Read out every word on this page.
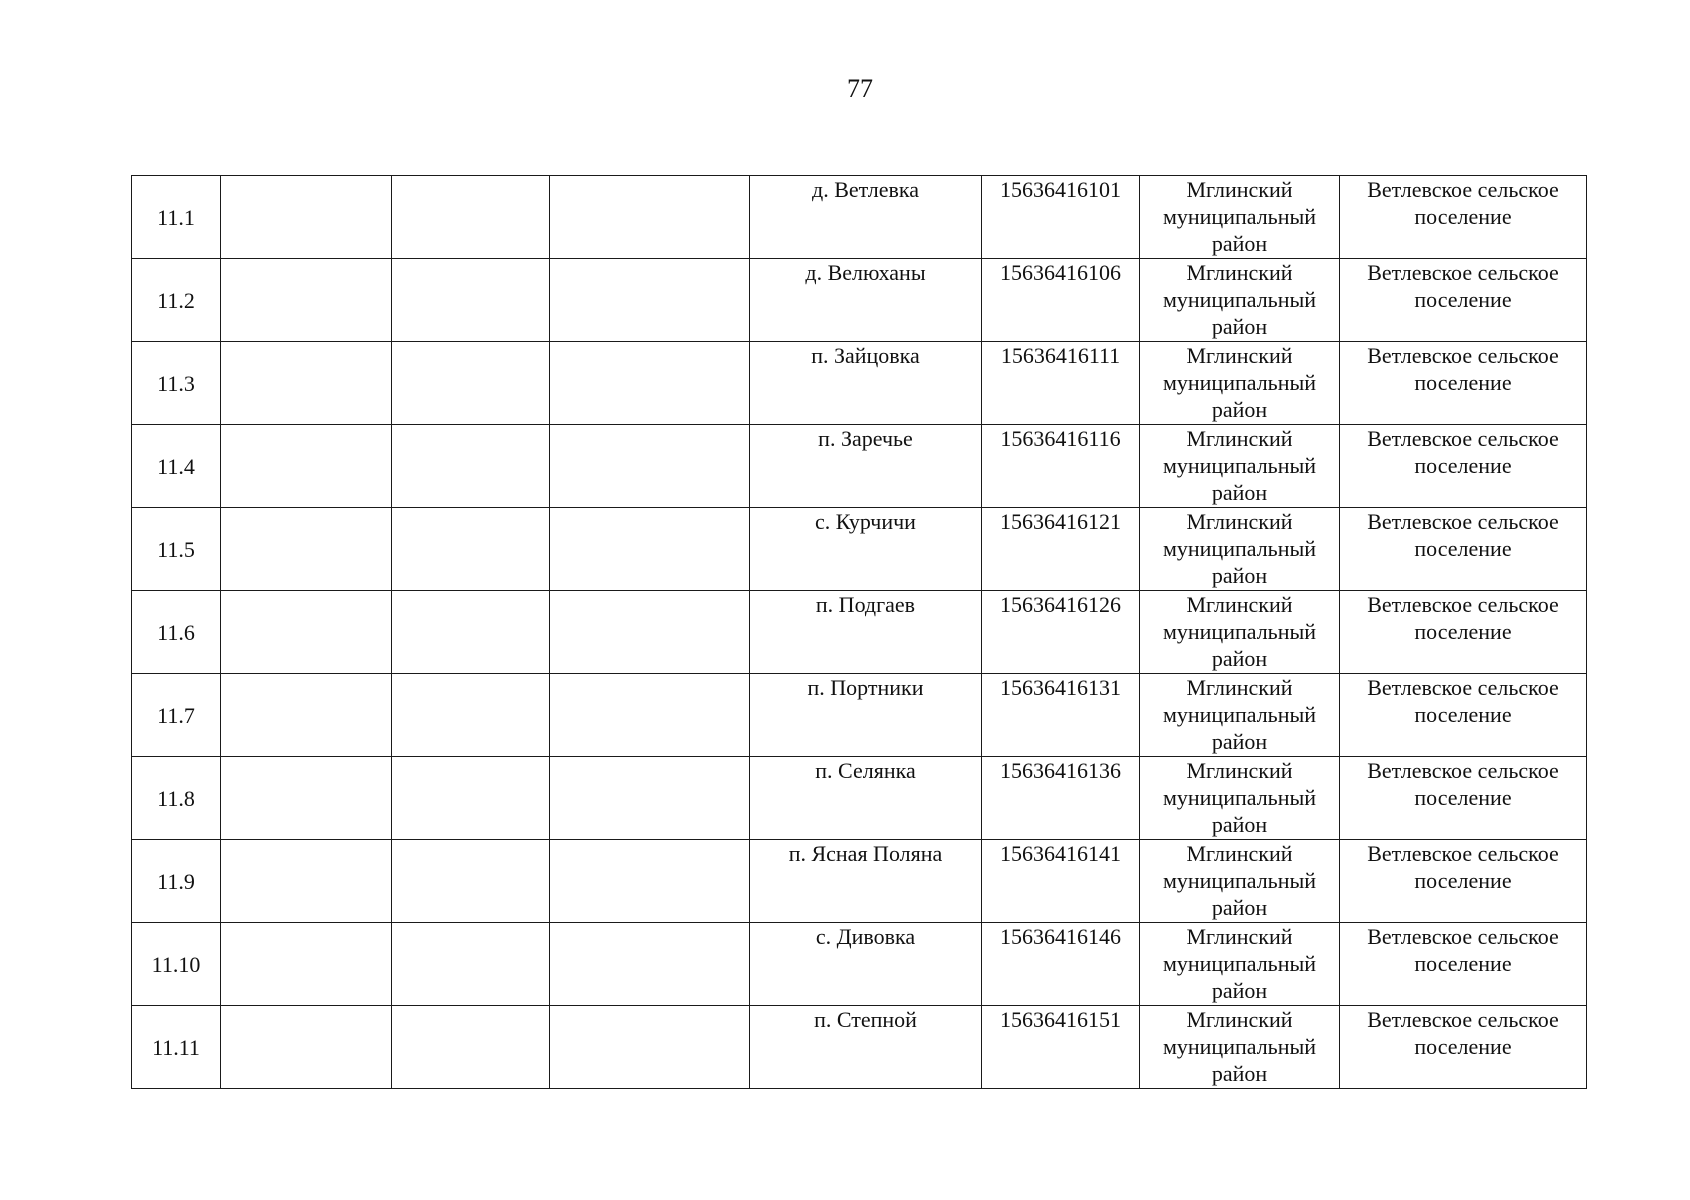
77
11.1				д. Ветлевка	15636416101	Мглинский муниципальный район	Ветлевское сельское поселение
11.2				д. Велюханы	15636416106	Мглинский муниципальный район	Ветлевское сельское поселение
11.3				п. Зайцовка	15636416111	Мглинский муниципальный район	Ветлевское сельское поселение
11.4				п. Заречье	15636416116	Мглинский муниципальный район	Ветлевское сельское поселение
11.5				с. Курчичи	15636416121	Мглинский муниципальный район	Ветлевское сельское поселение
11.6				п. Подгаев	15636416126	Мглинский муниципальный район	Ветлевское сельское поселение
11.7				п. Портники	15636416131	Мглинский муниципальный район	Ветлевское сельское поселение
11.8				п. Селянка	15636416136	Мглинский муниципальный район	Ветлевское сельское поселение
11.9				п. Ясная Поляна	15636416141	Мглинский муниципальный район	Ветлевское сельское поселение
11.10				с. Дивовка	15636416146	Мглинский муниципальный район	Ветлевское сельское поселение
11.11				п. Степной	15636416151	Мглинский муниципальный район	Ветлевское сельское поселение
